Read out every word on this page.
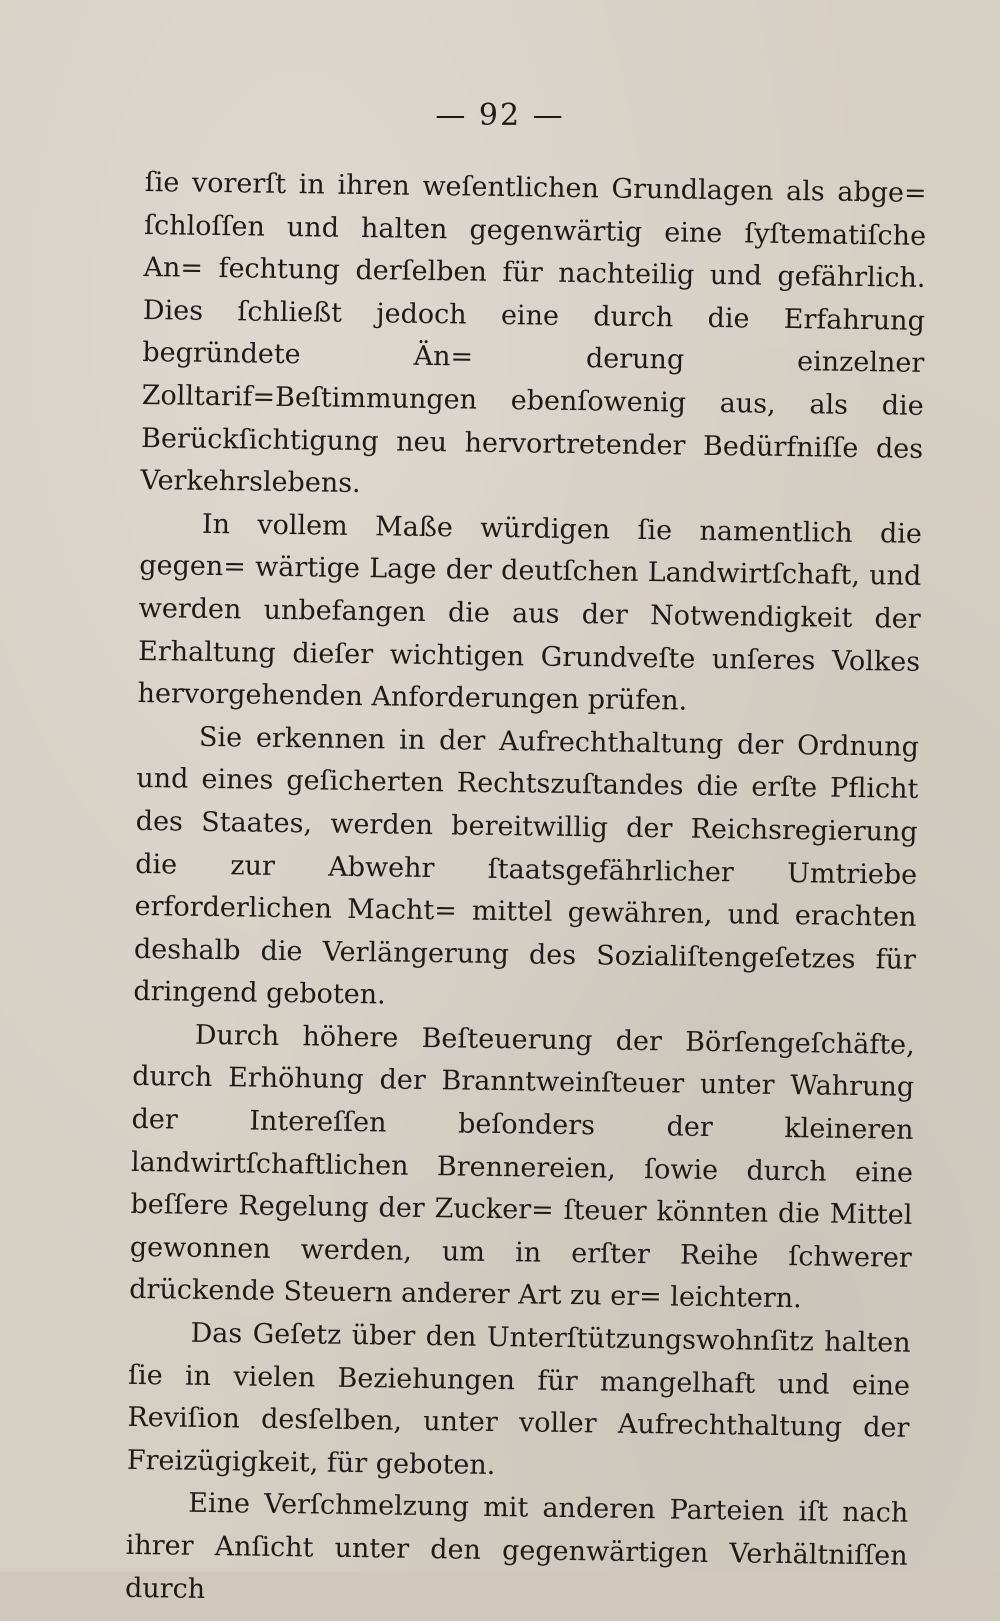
— 92 —

ſie vorerſt in ihren weſentlichen Grundlagen als abge= ſchloſſen und halten gegenwärtig eine ſyſtematiſche An= fechtung derſelben für nachteilig und gefährlich. Dies ſchließt jedoch eine durch die Erfahrung begründete Än= derung einzelner Zolltarif=Beſtimmungen ebenſowenig aus, als die Berückſichtigung neu hervortretender Bedürfniſſe des Verkehrslebens.

In vollem Maße würdigen ſie namentlich die gegen= wärtige Lage der deutſchen Landwirtſchaft, und werden unbefangen die aus der Notwendigkeit der Erhaltung dieſer wichtigen Grundveſte unſeres Volkes hervorgehenden Anforderungen prüfen.

Sie erkennen in der Aufrechthaltung der Ordnung und eines geſicherten Rechtszuſtandes die erſte Pflicht des Staates, werden bereitwillig der Reichsregierung die zur Abwehr ſtaatsgefährlicher Umtriebe erforderlichen Macht= mittel gewähren, und erachten deshalb die Verlängerung des Sozialiſtengeſetzes für dringend geboten.

Durch höhere Beſteuerung der Börſengeſchäfte, durch Erhöhung der Branntweinſteuer unter Wahrung der Intereſſen beſonders der kleineren landwirtſchaftlichen Brennereien, ſowie durch eine beſſere Regelung der Zucker= ſteuer könnten die Mittel gewonnen werden, um in erſter Reihe ſchwerer drückende Steuern anderer Art zu er= leichtern.

Das Geſetz über den Unterſtützungswohnſitz halten ſie in vielen Beziehungen für mangelhaft und eine Reviſion desſelben, unter voller Aufrechthaltung der Freizügigkeit, für geboten.

Eine Verſchmelzung mit anderen Parteien iſt nach ihrer Anſicht unter den gegenwärtigen Verhältniſſen durch
